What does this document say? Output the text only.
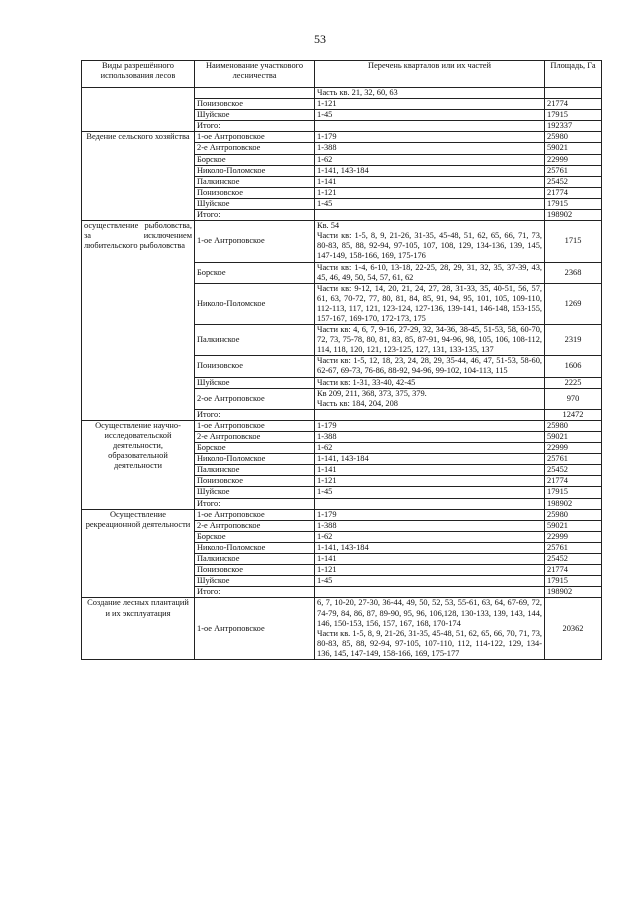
53
Виды разрешённого использования лесов	Наименование участкового лесничества	Перечень кварталов или их частей	Площадь, Га
		Часть кв. 21, 32, 60, 63	
	Понизовское	1-121	21774
	Шуйское	1-45	17915
	Итого:		192337
Ведение сельского хозяйства	1-ое Антроповское	1-179	25980
	2-е Антроповское	1-388	59021
	Борское	1-62	22999
	Николо-Поломское	1-141, 143-184	25761
	Палкинское	1-141	25452
	Понизовское	1-121	21774
	Шуйское	1-45	17915
	Итого:		198902
осуществление рыболовства, за исключением любительского рыболовства	1-ое Антроповское	Кв. 54
Части кв: 1-5, 8, 9, 21-26, 31-35, 45-48, 51, 62, 65, 66, 71, 73, 80-83, 85, 88, 92-94, 97-105, 107, 108, 129, 134-136, 139, 145, 147-149, 158-166, 169, 175-176	1715
	Борское	Части кв: 1-4, 6-10, 13-18, 22-25, 28, 29, 31, 32, 35, 37-39, 43, 45, 46, 49, 50, 54, 57, 61, 62	2368
	Николо-Поломское	Части кв: 9-12, 14, 20, 21, 24, 27, 28, 31-33, 35, 40-51, 56, 57, 61, 63, 70-72, 77, 80, 81, 84, 85, 91, 94, 95, 101, 105, 109-110, 112-113, 117, 121, 123-124, 127-136, 139-141, 146-148, 153-155, 157-167, 169-170, 172-173, 175	1269
	Палкинское	Части кв: 4, 6, 7, 9-16, 27-29, 32, 34-36, 38-45, 51-53, 58, 60-70, 72, 73, 75-78, 80, 81, 83, 85, 87-91, 94-96, 98, 105, 106, 108-112, 114, 118, 120, 121, 123-125, 127, 131, 133-135, 137	2319
	Понизовское	Части кв: 1-5, 12, 18, 23, 24, 28, 29, 35-44, 46, 47, 51-53, 58-60, 62-67, 69-73, 76-86, 88-92, 94-96, 99-102, 104-113, 115	1606
	Шуйское	Части кв: 1-31, 33-40, 42-45	2225
	2-ое Антроповское	Кв 209, 211, 368, 373, 375, 379.
Часть кв: 184, 204, 208	970
	Итого:		12472
Осуществление научно-исследовательской деятельности, образовательной деятельности	1-ое Антроповское	1-179	25980
	2-е Антроповское	1-388	59021
	Борское	1-62	22999
	Николо-Поломское	1-141, 143-184	25761
	Палкинское	1-141	25452
	Понизовское	1-121	21774
	Шуйское	1-45	17915
	Итого:		198902
Осуществление рекреационной деятельности	1-ое Антроповское	1-179	25980
	2-е Антроповское	1-388	59021
	Борское	1-62	22999
	Николо-Поломское	1-141, 143-184	25761
	Палкинское	1-141	25452
	Понизовское	1-121	21774
	Шуйское	1-45	17915
	Итого:		198902
Создание лесных плантаций и их эксплуатация	1-ое Антроповское	6, 7, 10-20, 27-30, 36-44, 49, 50, 52, 53, 55-61, 63, 64, 67-69, 72, 74-79, 84, 86, 87, 89-90, 95, 96, 106,128, 130-133, 139, 143, 144, 146, 150-153, 156, 157, 167, 168, 170-174
Части кв. 1-5, 8, 9, 21-26, 31-35, 45-48, 51, 62, 65, 66, 70, 71, 73, 80-83, 85, 88, 92-94, 97-105, 107-110, 112, 114-122, 129, 134-136, 145, 147-149, 158-166, 169, 175-177	20362
